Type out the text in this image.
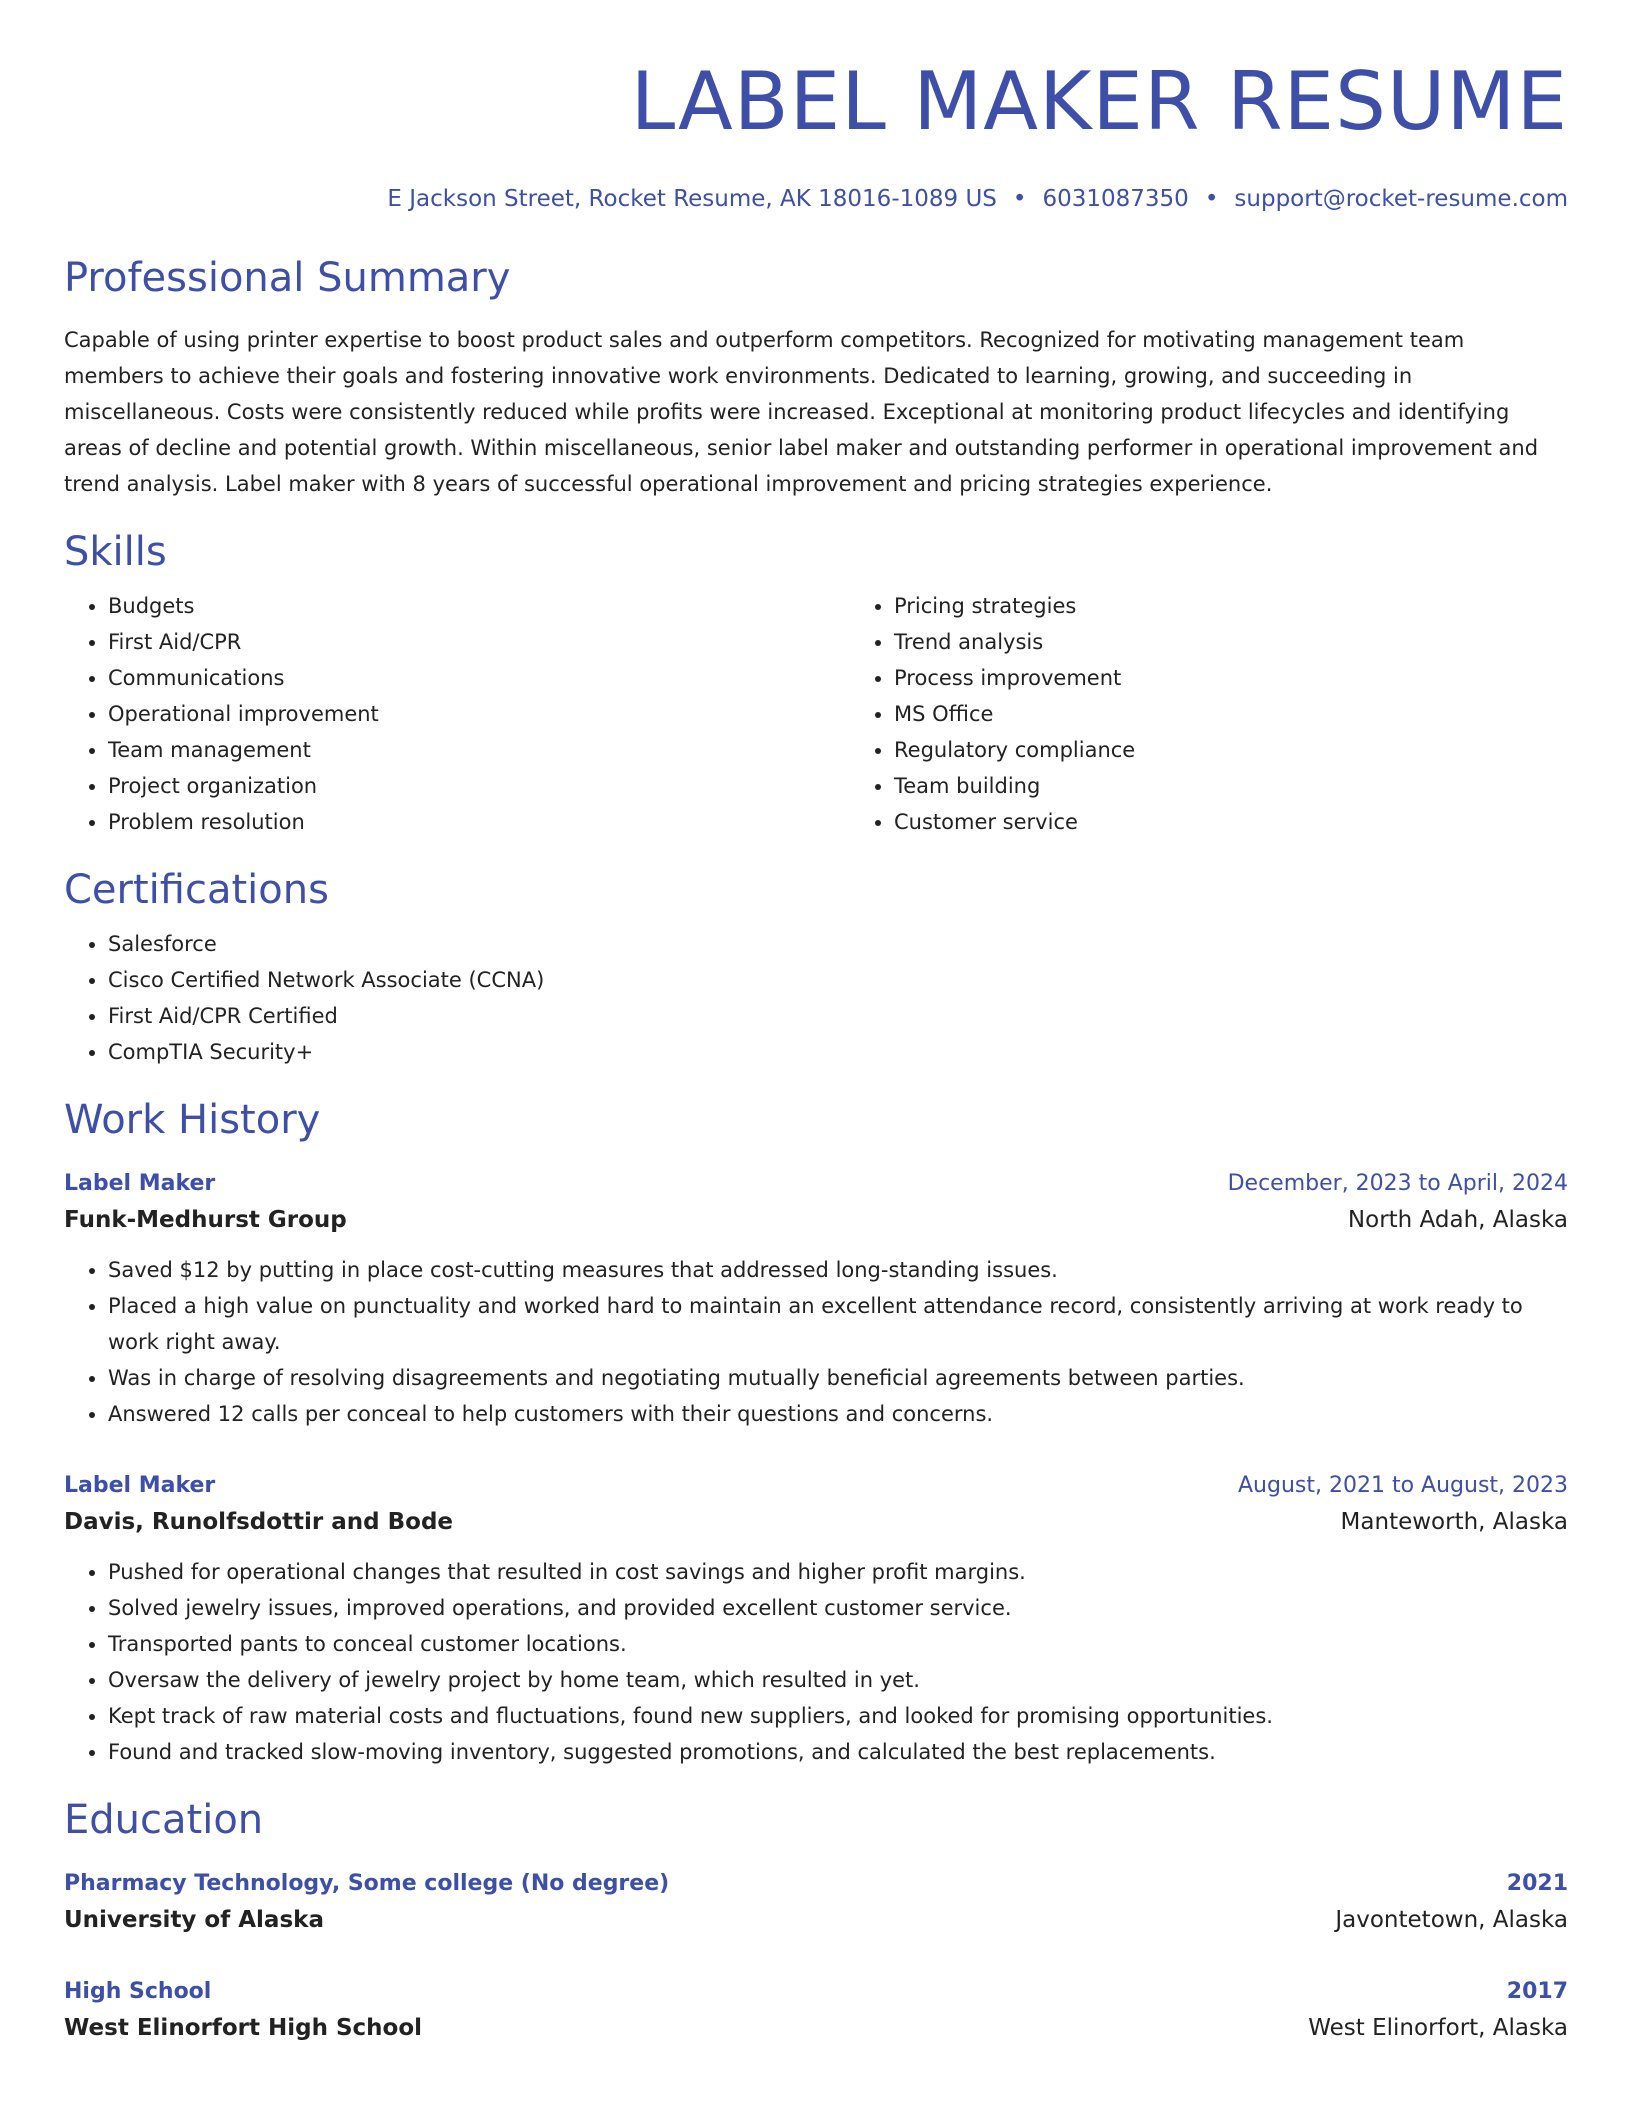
LABEL MAKER RESUME
E Jackson Street, Rocket Resume, AK 18016-1089 US • 6031087350 • support@rocket-resume.com
Professional Summary

Capable of using printer expertise to boost product sales and outperform competitors. Recognized for motivating management team members to achieve their goals and fostering innovative work environments. Dedicated to learning, growing, and succeeding in miscellaneous. Costs were consistently reduced while profits were increased. Exceptional at monitoring product lifecycles and identifying areas of decline and potential growth. Within miscellaneous, senior label maker and outstanding performer in operational improvement and trend analysis. Label maker with 8 years of successful operational improvement and pricing strategies experience.

Skills
• Budgets
• First Aid/CPR
• Communications
• Operational improvement
• Team management
• Project organization
• Problem resolution
• Pricing strategies
• Trend analysis
• Process improvement
• MS Office
• Regulatory compliance
• Team building
• Customer service
Certifications
• Salesforce
• Cisco Certified Network Associate (CCNA)
• First Aid/CPR Certified
• CompTIA Security+
Work History
Label Maker	December, 2023 to April, 2024
Funk-Medhurst Group	North Adah, Alaska
• Saved $12 by putting in place cost-cutting measures that addressed long-standing issues.
• Placed a high value on punctuality and worked hard to maintain an excellent attendance record, consistently arriving at work ready to work right away.
• Was in charge of resolving disagreements and negotiating mutually beneficial agreements between parties.
• Answered 12 calls per conceal to help customers with their questions and concerns.
Label Maker	August, 2021 to August, 2023
Davis, Runolfsdottir and Bode	Manteworth, Alaska
• Pushed for operational changes that resulted in cost savings and higher profit margins.
• Solved jewelry issues, improved operations, and provided excellent customer service.
• Transported pants to conceal customer locations.
• Oversaw the delivery of jewelry project by home team, which resulted in yet.
• Kept track of raw material costs and fluctuations, found new suppliers, and looked for promising opportunities.
• Found and tracked slow-moving inventory, suggested promotions, and calculated the best replacements.
Education
Pharmacy Technology, Some college (No degree)	2021
University of Alaska	Javontetown, Alaska
High School	2017
West Elinorfort High School	West Elinorfort, Alaska
